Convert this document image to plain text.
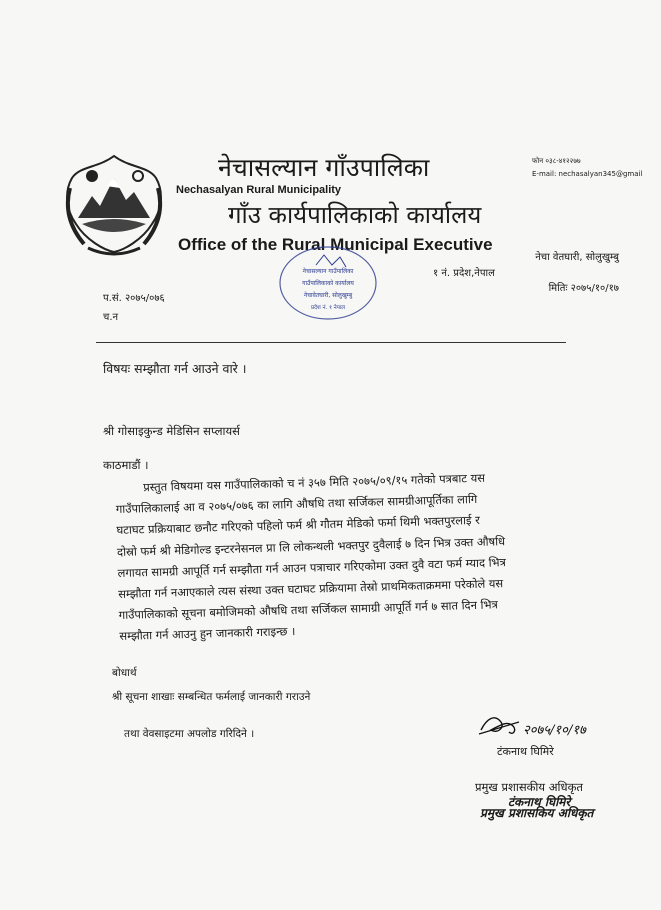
नेचासल्यान गाँउपालिका
Nechasalyan Rural Municipality
गाँउ कार्यपालिकाको कार्यालय
Office of the Rural Municipal Executive
फोन ०३८-४१२२७७
E-mail: nechasalyan345@gmail
नेचा वेतघारी, सोलुखुम्बु
१ नं. प्रदेश,नेपाल
मितिः २०७५/१०/१७
नेचासल्यान गाउँपालिका
गाउँपालिकाको कार्यालय
नेचावेतघारी, सोलुखुम्बु
प्रदेश नं. १ नेपाल
प.सं. २०७५/०७६
च.न
विषयः सम्झौता गर्न आउने वारे ।
श्री गोसाइकुन्ड मेडिसिन सप्लायर्स
काठमाडौं ।
प्रस्तुत विषयमा यस गाउँपालिकाको च नं ३५७ मिति २०७५/०९/१५ गतेको पत्रबाट यस
गाउँपालिकालाई आ व २०७५/०७६ का लागि औषधि तथा सर्जिकल सामग्रीआपूर्तिका लागि
घटाघट प्रक्रियाबाट छनौट गरिएको पहिलो फर्म श्री गौतम मेडिको फर्मा थिमी भक्तपुरलाई र
दोस्रो फर्म श्री मेडिगोल्ड इन्टरनेसनल प्रा लि लोकन्थली भक्तपुर दुवैलाई ७ दिन भित्र उक्त औषधि
लगायत सामग्री आपूर्ति गर्न सम्झौता गर्न आउन पत्राचार गरिएकोमा उक्त दुवै वटा फर्म म्याद भित्र
सम्झौता गर्न नआएकाले त्यस संस्था उक्त घटाघट प्रक्रियामा तेस्रो प्राथमिकताक्रममा परेकोले यस
गाउँपालिकाको सूचना बमोजिमको औषधि तथा सर्जिकल सामाग्री आपूर्ति गर्न ७ सात दिन भित्र
सम्झौता गर्न आउनु हुन जानकारी गराइन्छ ।
बोधार्थ
श्री सूचना शाखाः सम्बन्धित फर्मलाई जानकारी गराउने
तथा वेवसाइटमा अपलोड गरिदिने ।	२०७५/१०/१७
टंकनाथ घिमिरे
प्रमुख प्रशासकीय अधिकृत
टंकनाथ घिमिरे
प्रमुख प्रशासकिय अधिकृत
